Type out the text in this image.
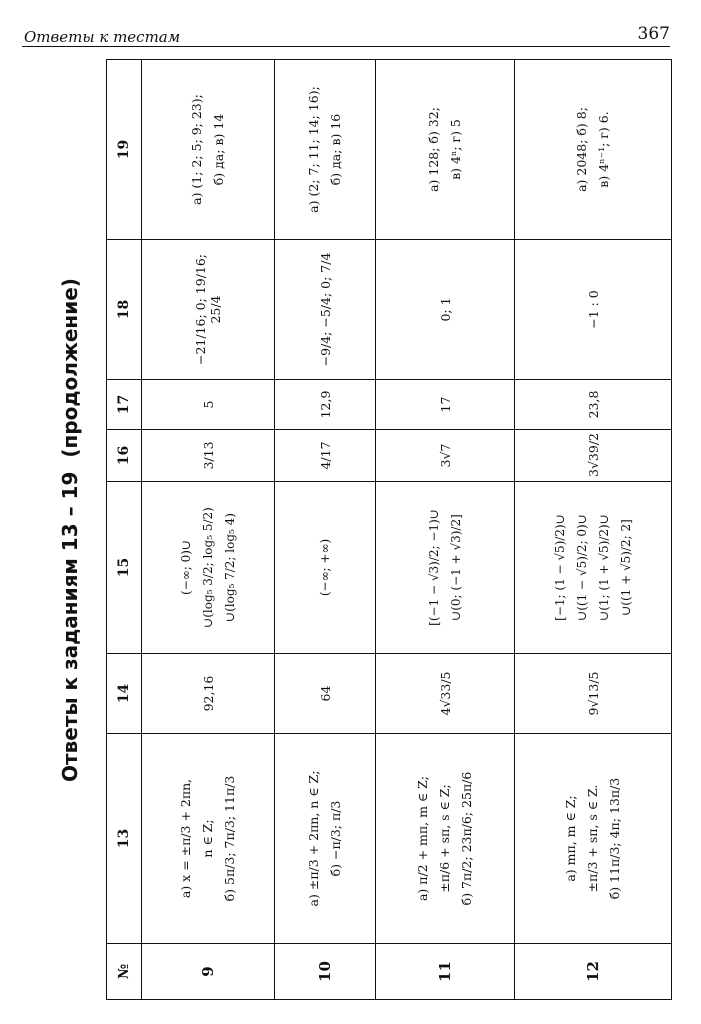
Ответы к тестам	367
Ответы к заданиям 13 – 19(продолжение)
№	13	14	15	16	17	18	19
9	а) x = ±π/3 + 2πn, n ∈ Z; б) 5π/3; 7π/3; 11π/3	92,16	(−∞; 0)∪ ∪(log₅ 3/2; log₅ 5/2) ∪(log₅ 7/2; log₅ 4)	3/13	5	−21/16; 0; 19/16; 25/4	а) (1; 2; 5; 9; 23); б) да; в) 14

10	а) ±π/3 + 2πn, n ∈ Z; б) −π/3; π/3	64	(−∞; +∞)	4/17	12,9	−9/4; −5/4; 0; 7/4	а) (2; 7; 11; 14; 16); б) да; в) 16

11	а) π/2 + mπ, m ∈ Z; ±π/6 + sπ, s ∈ Z; б) 7π/2; 23π/6; 25π/6	4√33/5	[(−1 − √3)/2; −1)∪ ∪(0; (−1 + √3)/2]	3√7	17	0; 1	а) 128; б) 32; в) 4ⁿ; г) 5

12	а) mπ, m ∈ Z; ±π/3 + sπ, s ∈ Z. б) 11π/3; 4π; 13π/3	9√13/5	[−1; (1 − √5)/2)∪ ∪((1 − √5)/2; 0)∪ ∪(1; (1 + √5)/2)∪ ∪((1 + √5)/2; 2]	3√39/2	23,8	−1 : 0	а) 2048; б) 8; в) 4ⁿ⁻¹; г) 6.
